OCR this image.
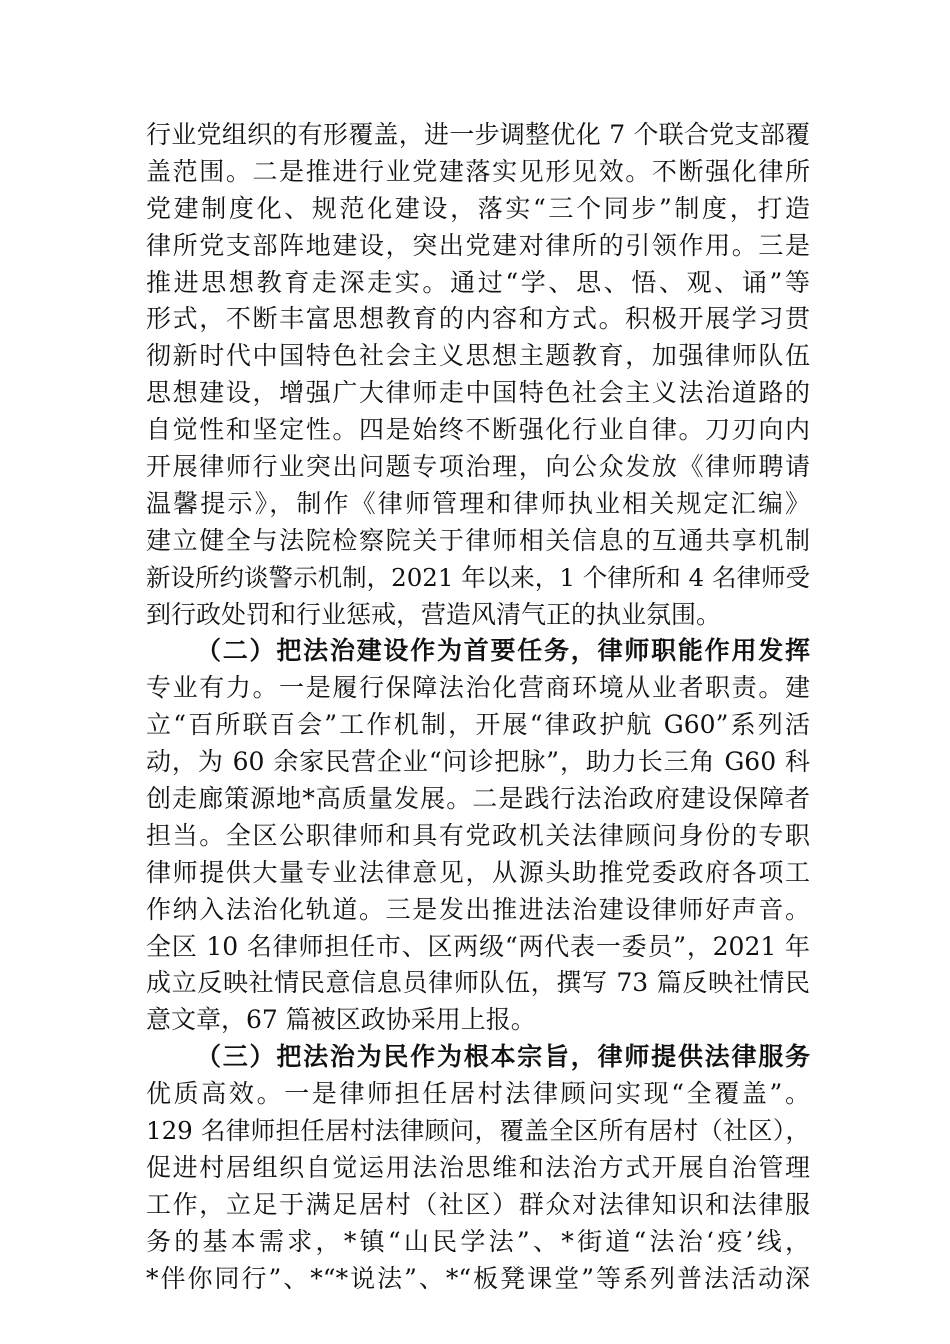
行业党组织的有形覆盖，进一步调整优化 7 个联合党支部覆
盖范围。二是推进行业党建落实见形见效。不断强化律所
党建制度化、规范化建设，落实“三个同步”制度，打造
律所党支部阵地建设，突出党建对律所的引领作用。三是
推进思想教育走深走实。通过“学、思、悟、观、诵”等
形式，不断丰富思想教育的内容和方式。积极开展学习贯
彻新时代中国特色社会主义思想主题教育，加强律师队伍
思想建设，增强广大律师走中国特色社会主义法治道路的
自觉性和坚定性。四是始终不断强化行业自律。刀刃向内
开展律师行业突出问题专项治理，向公众发放《律师聘请
温馨提示》，制作《律师管理和律师执业相关规定汇编》
建立健全与法院检察院关于律师相关信息的互通共享机制
新设所约谈警示机制，2021 年以来，1 个律所和 4 名律师受
到行政处罚和行业惩戒，营造风清气正的执业氛围。
（二）把法治建设作为首要任务，律师职能作用发挥
专业有力。一是履行保障法治化营商环境从业者职责。建
立“百所联百会”工作机制，开展“律政护航 G60”系列活
动，为 60 余家民营企业“问诊把脉”，助力长三角 G60 科
创走廊策源地*高质量发展。二是践行法治政府建设保障者
担当。全区公职律师和具有党政机关法律顾问身份的专职
律师提供大量专业法律意见，从源头助推党委政府各项工
作纳入法治化轨道。三是发出推进法治建设律师好声音。
全区 10 名律师担任市、区两级“两代表一委员”，2021 年
成立反映社情民意信息员律师队伍，撰写 73 篇反映社情民
意文章，67 篇被区政协采用上报。
（三）把法治为民作为根本宗旨，律师提供法律服务
优质高效。一是律师担任居村法律顾问实现“全覆盖”。
129 名律师担任居村法律顾问，覆盖全区所有居村（社区），
促进村居组织自觉运用法治思维和法治方式开展自治管理
工作，立足于满足居村（社区）群众对法律知识和法律服
务的基本需求，*镇“山民学法”、*街道“法治‘疫’线，
*伴你同行”、*“*说法”、*“板凳课堂”等系列普法活动深
